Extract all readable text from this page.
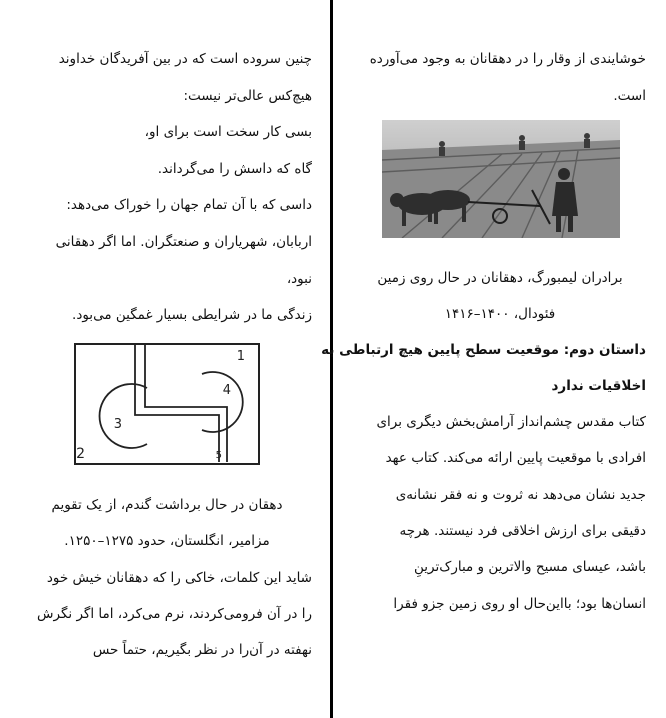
چنین سروده است که در بین آفریدگان خداوند
هیچ‌کس عالی‌تر نیست:
بسی کار سخت است برای او،
گاه که داسش را می‌گرداند.
داسی که با آن تمام جهان را خوراک می‌دهد:
اربابان، شهریاران و صنعتگران. اما اگر دهقانی
نبود،
زندگی ما در شرایطی بسیار غمگین می‌بود.
1
2
3
4
5
دهقان در حال برداشت گندم، از یک تقویم
مزامیر، انگلستان، حدود ۱۲۷۵–۱۲۵۰.
شاید این کلمات، خاکی را که دهقانان خیش خود
را در آن فرومی‌کردند، نرم می‌کرد، اما اگر نگرش
نهفته در آن‌را در نظر بگیریم، حتماً حس
خوشایندی از وقار را در دهقانان به وجود می‌آورده
است.
برادران لیمبورگ، دهقانان در حال روی زمین
فئودال، ۱۴۰۰–۱۴۱۶
داستان دوم: موقعیت سطح پایین هیچ ارتباطی به
اخلاقیات ندارد
کتاب مقدس چشم‌انداز آرامش‌بخش دیگری برای
افرادی با موقعیت پایین ارائه می‌کند. کتاب عهد
جدید نشان می‌دهد نه ثروت و نه فقر نشانه‌ی
دقیقی برای ارزش اخلاقی فرد نیستند. هرچه
باشد، عیسای مسیح والاترین و مبارک‌ترینِ
انسان‌ها بود؛ بااین‌حال او روی زمین جزو فقرا
